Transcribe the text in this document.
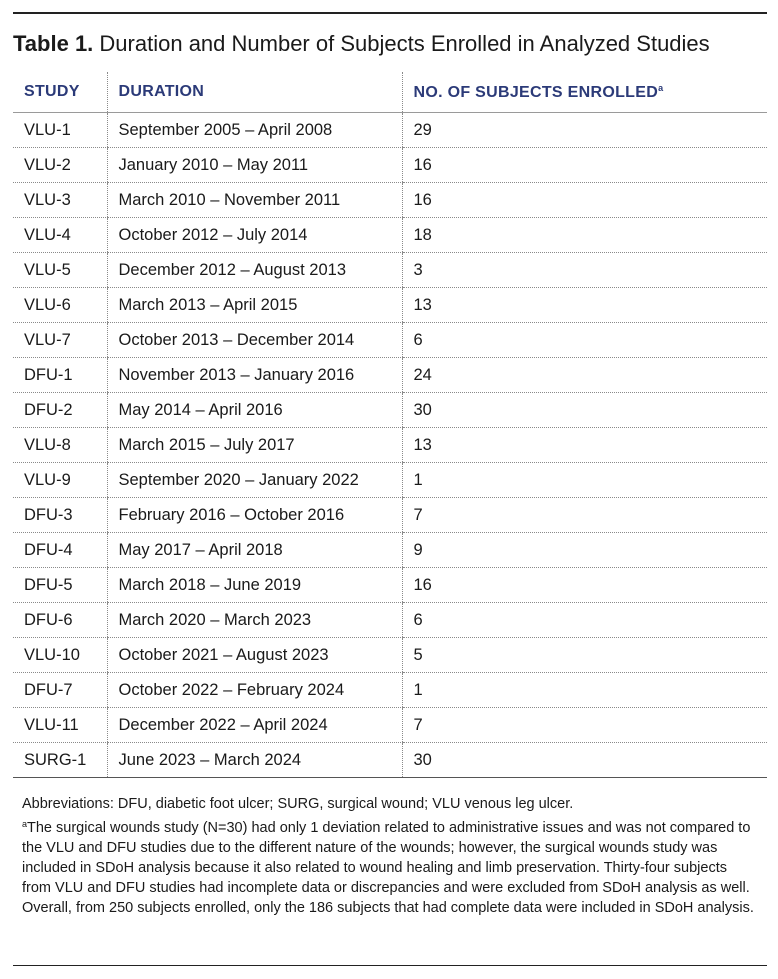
Table 1. Duration and Number of Subjects Enrolled in Analyzed Studies
STUDY	DURATION	NO. OF SUBJECTS ENROLLED$^a$
VLU-1	September 2005 – April 2008	29
VLU-2	January 2010 – May 2011	16
VLU-3	March 2010 – November 2011	16
VLU-4	October 2012 – July 2014	18
VLU-5	December 2012 – August 2013	3
VLU-6	March 2013 – April 2015	13
VLU-7	October 2013 – December 2014	6
DFU-1	November 2013 – January 2016	24
DFU-2	May 2014 – April 2016	30
VLU-8	March 2015 – July 2017	13
VLU-9	September 2020 – January 2022	1
DFU-3	February 2016 – October 2016	7
DFU-4	May 2017 – April 2018	9
DFU-5	March 2018 – June 2019	16
DFU-6	March 2020 – March 2023	6
VLU-10	October 2021 – August 2023	5
DFU-7	October 2022 – February 2024	1
VLU-11	December 2022 – April 2024	7
SURG-1	June 2023 – March 2024	30

Abbreviations: DFU, diabetic foot ulcer; SURG, surgical wound; VLU venous leg ulcer.

$^a$The surgical wounds study (N=30) had only 1 deviation related to administrative issues and was not compared to the VLU and DFU studies due to the different nature of the wounds; however, the surgical wounds study was included in SDoH analysis because it also related to wound healing and limb preservation. Thirty-four subjects from VLU and DFU studies had incomplete data or discrepancies and were excluded from SDoH analysis as well. Overall, from 250 subjects enrolled, only the 186 subjects that had complete data were included in SDoH analysis.
